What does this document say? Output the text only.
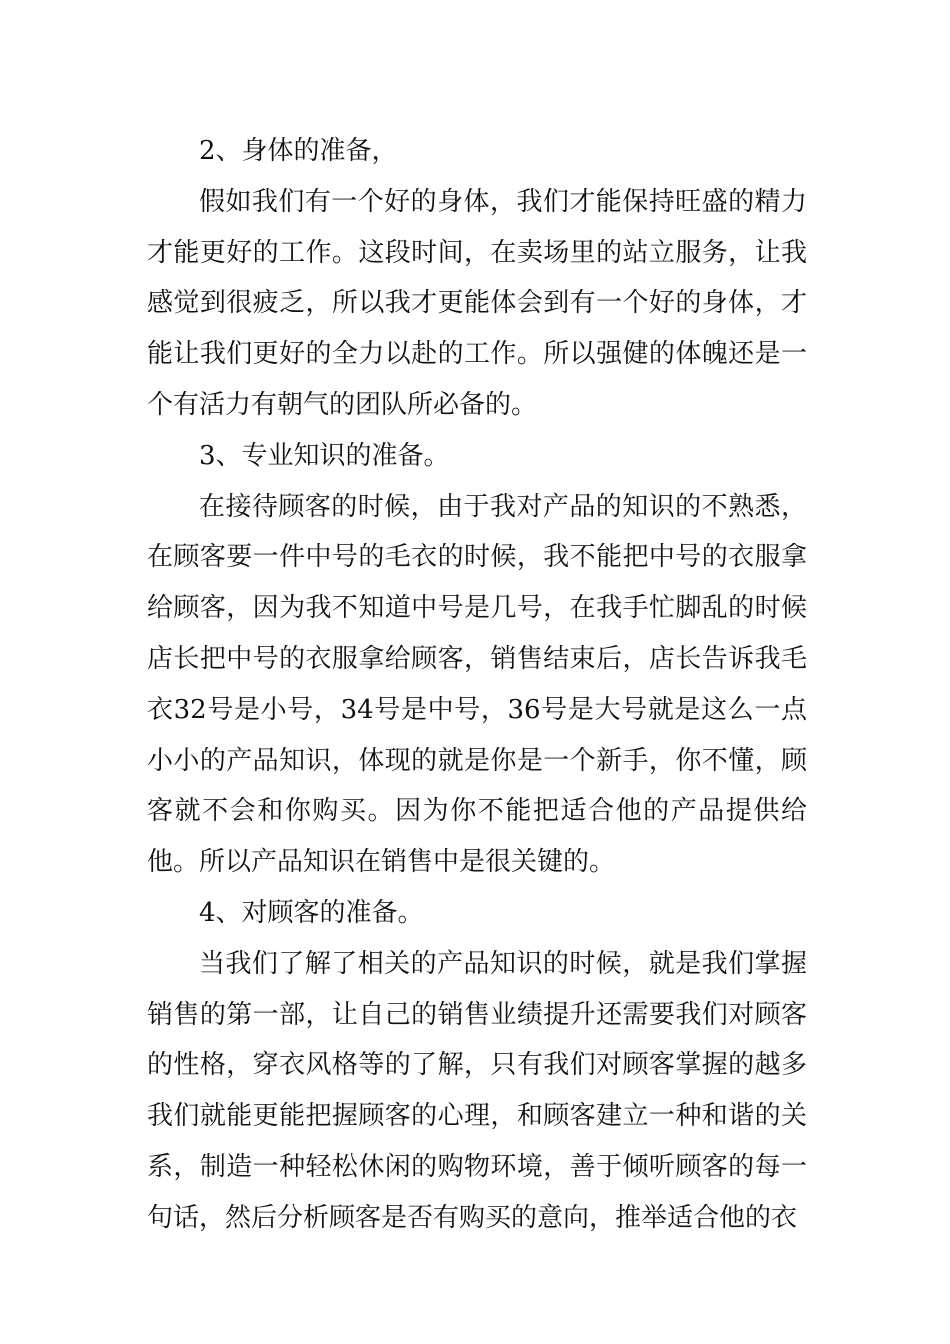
2、身体的准备，

假如我们有一个好的身体，我们才能保持旺盛的精力才能更好的工作。这段时间，在卖场里的站立服务，让我感觉到很疲乏，所以我才更能体会到有一个好的身体，才能让我们更好的全力以赴的工作。所以强健的体魄还是一个有活力有朝气的团队所必备的。

3、专业知识的准备。

在接待顾客的时候，由于我对产品的知识的不熟悉，在顾客要一件中号的毛衣的时候，我不能把中号的衣服拿给顾客，因为我不知道中号是几号，在我手忙脚乱的时候店长把中号的衣服拿给顾客，销售结束后，店长告诉我毛衣32号是小号，34号是中号，36号是大号就是这么一点小小的产品知识，体现的就是你是一个新手，你不懂，顾客就不会和你购买。因为你不能把适合他的产品提供给他。所以产品知识在销售中是很关键的。

4、对顾客的准备。

当我们了解了相关的产品知识的时候，就是我们掌握销售的第一部，让自己的销售业绩提升还需要我们对顾客的性格，穿衣风格等的了解，只有我们对顾客掌握的越多我们就能更能把握顾客的心理，和顾客建立一种和谐的关系，制造一种轻松休闲的购物环境，善于倾听顾客的每一句话，然后分析顾客是否有购买的意向，推举适合他的衣
